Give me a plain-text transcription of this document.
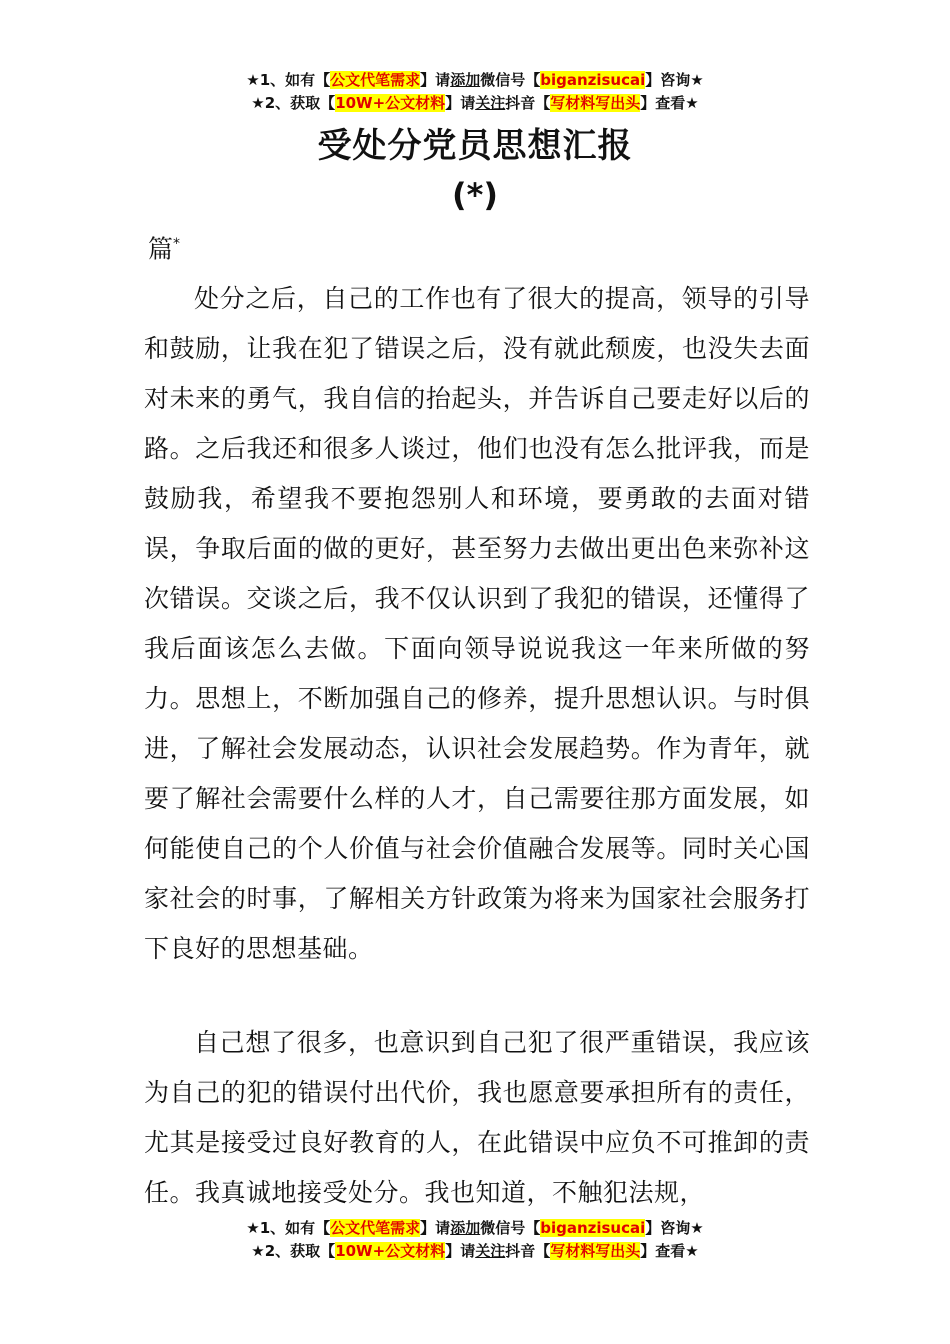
★1、如有【公文代笔需求】请添加微信号【biganzisucai】咨询★
★2、获取【10W+公文材料】请关注抖音【写材料写出头】查看★
受处分党员思想汇报
(*)
篇*

处分之后，自己的工作也有了很大的提高，领导的引导和鼓励，让我在犯了错误之后，没有就此颓废，也没失去面对未来的勇气，我自信的抬起头，并告诉自己要走好以后的路。之后我还和很多人谈过，他们也没有怎么批评我，而是鼓励我，希望我不要抱怨别人和环境，要勇敢的去面对错误，争取后面的做的更好，甚至努力去做出更出色来弥补这次错误。交谈之后，我不仅认识到了我犯的错误，还懂得了我后面该怎么去做。下面向领导说说我这一年来所做的努力。思想上，不断加强自己的修养，提升思想认识。与时俱进，了解社会发展动态，认识社会发展趋势。作为青年，就要了解社会需要什么样的人才，自己需要往那方面发展，如何能使自己的个人价值与社会价值融合发展等。同时关心国家社会的时事，了解相关方针政策为将来为国家社会服务打下良好的思想基础。

自己想了很多，也意识到自己犯了很严重错误，我应该为自己的犯的错误付出代价，我也愿意要承担所有的责任，尤其是接受过良好教育的人，在此错误中应负不可推卸的责任。我真诚地接受处分。我也知道，不触犯法规，

★1、如有【公文代笔需求】请添加微信号【biganzisucai】咨询★
★2、获取【10W+公文材料】请关注抖音【写材料写出头】查看★
